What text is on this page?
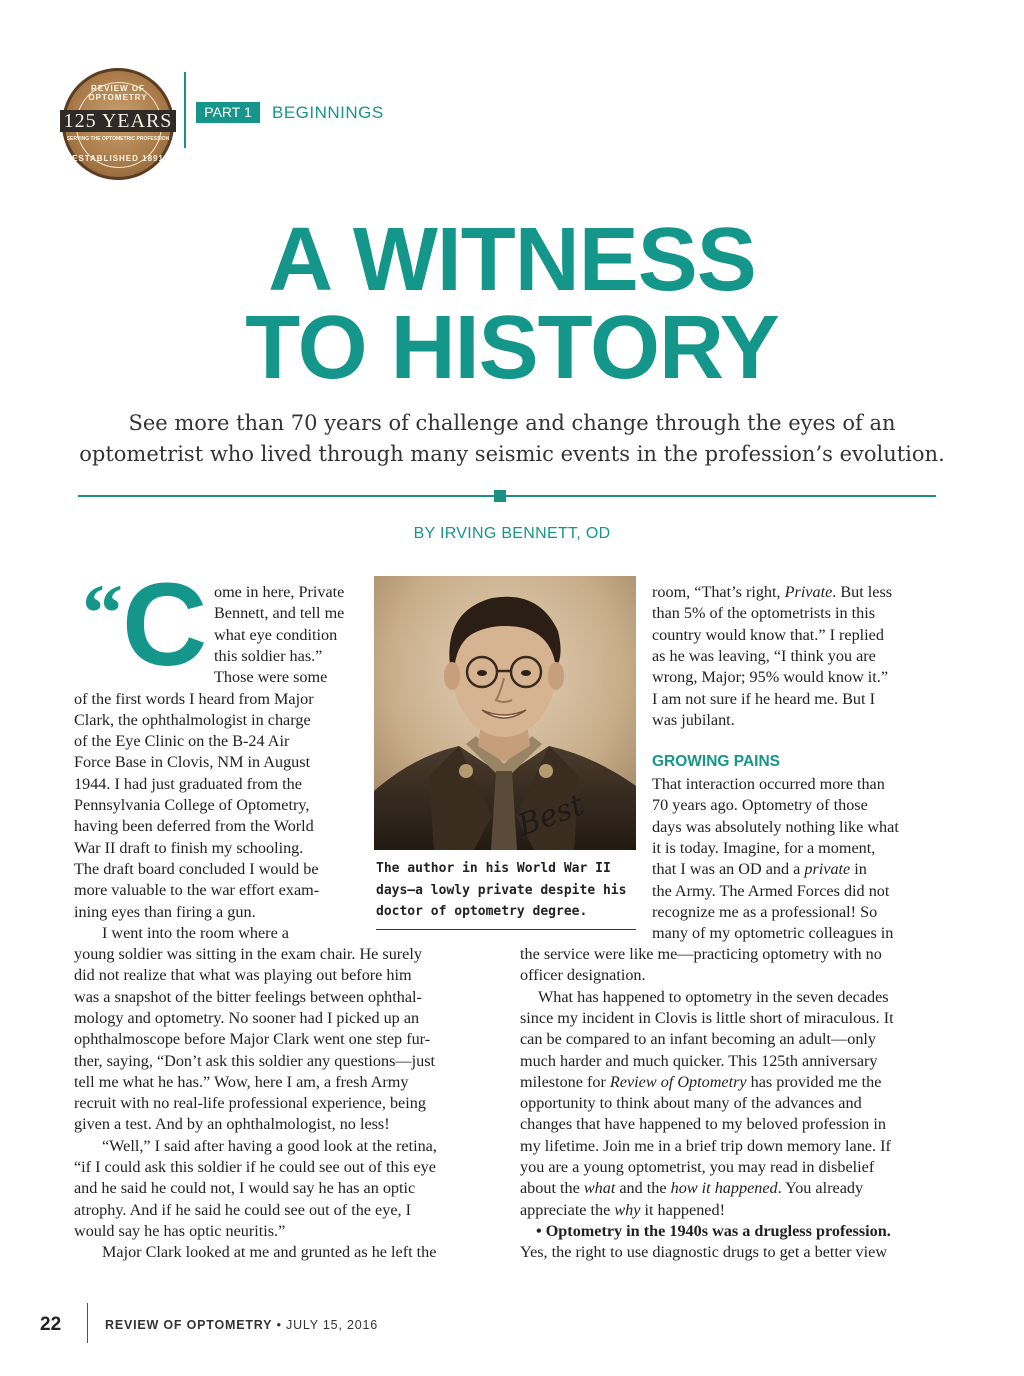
REVIEW OF OPTOMETRY
125 YEARS
SERVING THE OPTOMETRIC PROFESSION
ESTABLISHED 1891
PART 1	BEGINNINGS
A WITNESS
TO HISTORY
See more than 70 years of challenge and change through the eyes of an
optometrist who lived through many seismic events in the profession’s evolution.
BY IRVING BENNETT, OD
“ C ome in here, Private
Bennett, and tell me
what eye condition
this soldier has.”
Those were some
of the first words I heard from Major
Clark, the ophthalmologist in charge
of the Eye Clinic on the B-24 Air
Force Base in Clovis, NM in August
1944. I had just graduated from the
Pennsylvania College of Optometry,
having been deferred from the World
War II draft to finish my schooling.
The draft board concluded I would be
more valuable to the war effort exam-
ining eyes than firing a gun.
I went into the room where a
young soldier was sitting in the exam chair. He surely
did not realize that what was playing out before him
was a snapshot of the bitter feelings between ophthal-
mology and optometry. No sooner had I picked up an
ophthalmoscope before Major Clark went one step fur-
ther, saying, “Don’t ask this soldier any questions—just
tell me what he has.” Wow, here I am, a fresh Army
recruit with no real-life professional experience, being
given a test. And by an ophthalmologist, no less!
“Well,” I said after having a good look at the retina,
“if I could ask this soldier if he could see out of this eye
and he said he could not, I would say he has an optic
atrophy. And if he said he could see out of the eye, I
would say he has optic neuritis.”
Major Clark looked at me and grunted as he left the
room, “That’s right, Private. But less
than 5% of the optometrists in this
country would know that.” I replied
as he was leaving, “I think you are
wrong, Major; 95% would know it.”
I am not sure if he heard me. But I
was jubilant.
GROWING PAINS
That interaction occurred more than
70 years ago. Optometry of those
days was absolutely nothing like what
it is today. Imagine, for a moment,
that I was an OD and a private in
the Army. The Armed Forces did not
recognize me as a professional! So
many of my optometric colleagues in
the service were like me—practicing optometry with no
officer designation.
What has happened to optometry in the seven decades
since my incident in Clovis is little short of miraculous. It
can be compared to an infant becoming an adult—only
much harder and much quicker. This 125th anniversary
milestone for Review of Optometry has provided me the
opportunity to think about many of the advances and
changes that have happened to my beloved profession in
my lifetime. Join me in a brief trip down memory lane. If
you are a young optometrist, you may read in disbelief
about the what and the how it happened. You already
appreciate the why it happened!
• Optometry in the 1940s was a drugless profession.
Yes, the right to use diagnostic drugs to get a better view
Best
The author in his World War II
days—a lowly private despite his
doctor of optometry degree.
22	REVIEW OF OPTOMETRY • JULY 15, 2016
